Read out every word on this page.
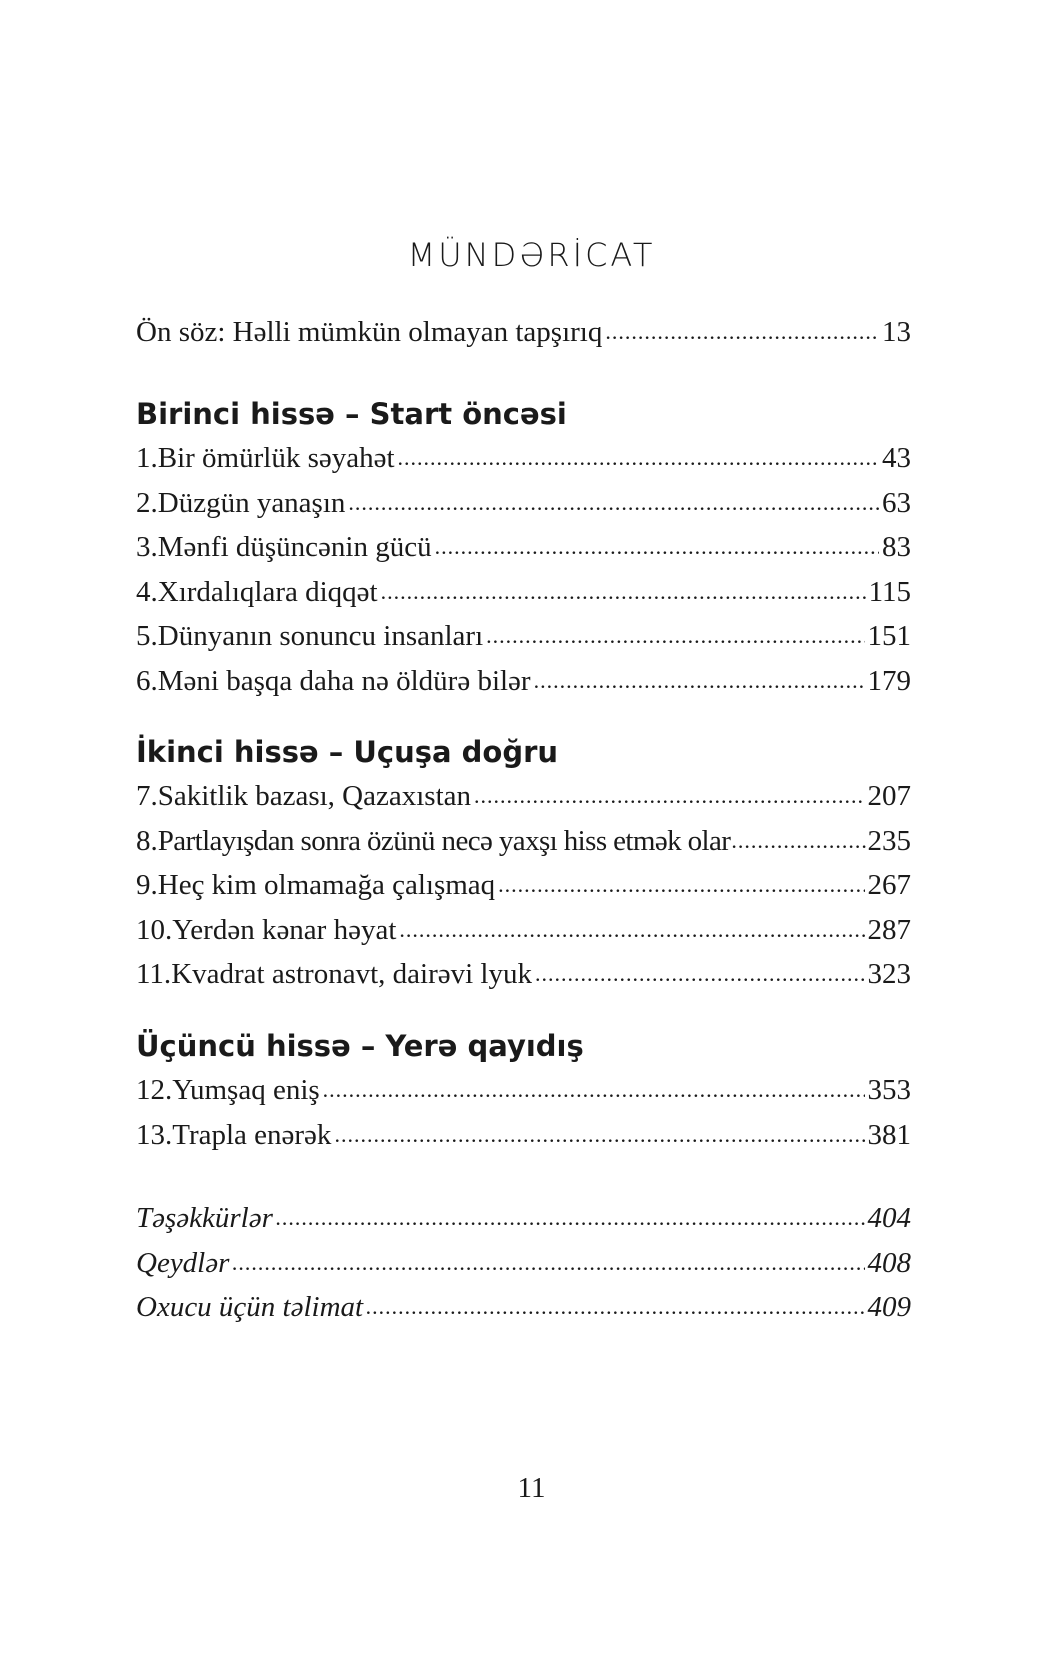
MÜNDƏRİCAT
Ön söz: Həlli mümkün olmayan tapşırıq .....	13
Birinci hissə – Start öncəsi
1. Bir ömürlük səyahət .....	43
2. Düzgün yanaşın .....	63
3. Mənfi düşüncənin gücü .....	83
4. Xırdalıqlara diqqət .....	115
5. Dünyanın sonuncu insanları .....	151
6. Məni başqa daha nə öldürə bilər .....	179
İkinci hissə – Uçuşa doğru
7. Sakitlik bazası, Qazaxıstan .....	207
8. Partlayışdan sonra özünü necə yaxşı hiss etmək olar .....	235
9. Heç kim olmamağa çalışmaq .....	267
10. Yerdən kənar həyat .....	287
11. Kvadrat astronavt, dairəvi lyuk .....	323
Üçüncü hissə – Yerə qayıdış
12. Yumşaq eniş .....	353
13. Trapla enərək .....	381
Təşəkkürlər .....	404
Qeydlər .....	408
Oxucu üçün təlimat .....	409
11
